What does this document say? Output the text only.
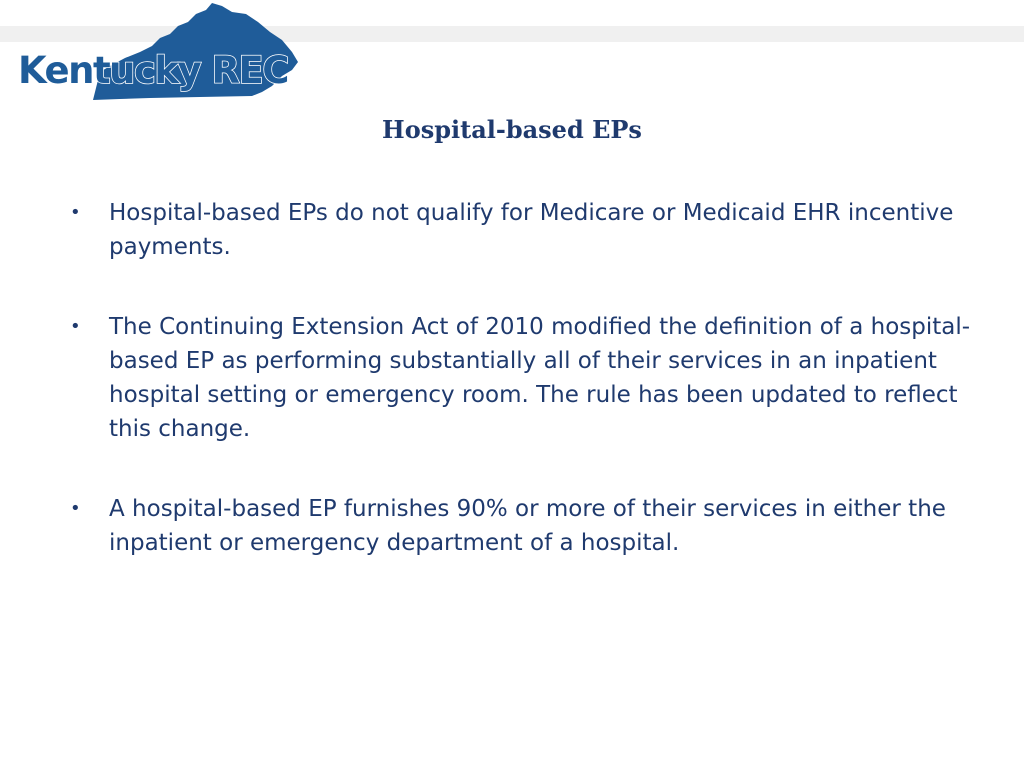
Kentucky REC
Hospital-based EPs
• Hospital-based EPs do not qualify for Medicare or Medicaid EHR incentive payments.
• The Continuing Extension Act of 2010 modified the definition of a hospital-based EP as performing substantially all of their services in an inpatient hospital setting or emergency room. The rule has been updated to reflect this change.
• A hospital-based EP furnishes 90% or more of their services in either the inpatient or emergency department of a hospital.
